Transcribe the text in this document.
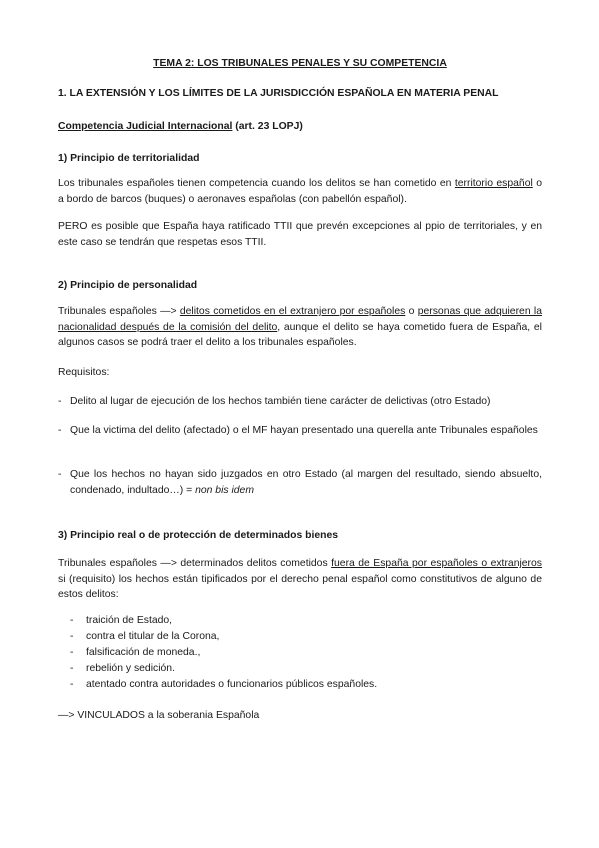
TEMA 2: LOS TRIBUNALES PENALES Y SU COMPETENCIA
1. LA EXTENSIÓN Y LOS LÍMITES DE LA JURISDICCIÓN ESPAÑOLA EN MATERIA PENAL
Competencia Judicial Internacional (art. 23 LOPJ)
1) Principio de territorialidad
Los tribunales españoles tienen competencia cuando los delitos se han cometido en territorio español o a bordo de barcos (buques) o aeronaves españolas (con pabellón español).
PERO es posible que España haya ratificado TTII que prevén excepciones al ppio de territoriales, y en este caso se tendrán que respetas esos TTII.
2) Principio de personalidad
Tribunales españoles —> delitos cometidos en el extranjero por españoles o personas que adquieren la nacionalidad después de la comisión del delito, aunque el delito se haya cometido fuera de España, el algunos casos se podrá traer el delito a los tribunales españoles.
Requisitos:
- Delito al lugar de ejecución de los hechos también tiene carácter de delictivas (otro Estado)
- Que la victima del delito (afectado) o el MF hayan presentado una querella ante Tribunales españoles
- Que los hechos no hayan sido juzgados en otro Estado (al margen del resultado, siendo absuelto, condenado, indultado…) = non bis idem
3) Principio real o de protección de determinados bienes
Tribunales españoles —> determinados delitos cometidos fuera de España por españoles o extranjeros si (requisito) los hechos están tipificados por el derecho penal español como constitutivos de alguno de estos delitos:
- traición de Estado,
- contra el titular de la Corona,
- falsificación de moneda.,
- rebelión y sedición.
- atentado contra autoridades o funcionarios públicos españoles.
—> VINCULADOS a la soberania Española
